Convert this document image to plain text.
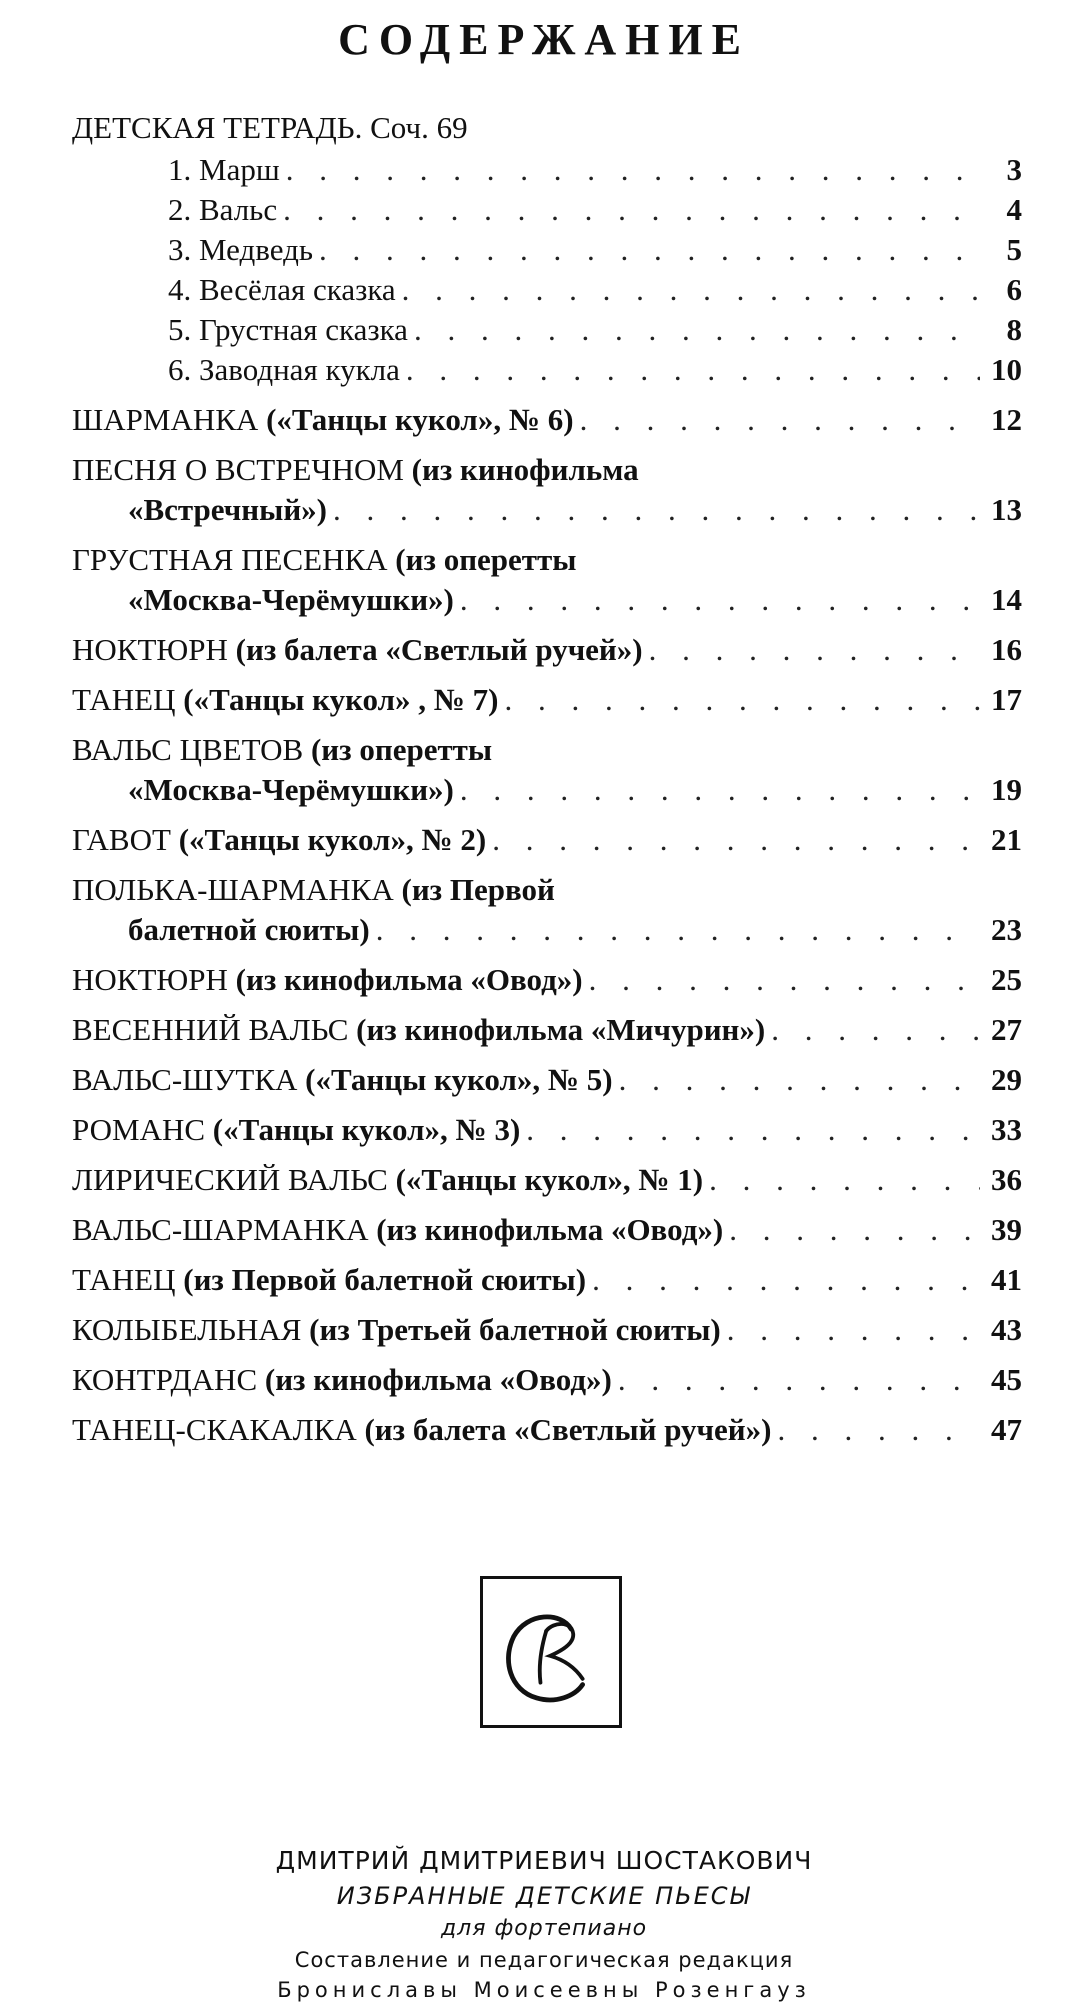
СОДЕРЖАНИЕ
ДЕТСКАЯ ТЕТРАДЬ. Соч. 69
1. Марш . . .	3
2. Вальс . . .	4
3. Медведь . . .	5
4. Весёлая сказка . . .	6
5. Грустная сказка . . .	8
6. Заводная кукла . . .	10
ШАРМАНКА («Танцы кукол», № 6) . . .	12
ПЕСНЯ О ВСТРЕЧНОМ (из кинофильма
«Встречный») . . .	13
ГРУСТНАЯ ПЕСЕНКА (из оперетты
«Москва-Черёмушки») . . .	14
НОКТЮРН (из балета «Светлый ручей») . . .	16
ТАНЕЦ («Танцы кукол» , № 7) . . .	17
ВАЛЬС ЦВЕТОВ (из оперетты
«Москва-Черёмушки») . . .	19
ГАВОТ («Танцы кукол», № 2) . . .	21
ПОЛЬКА-ШАРМАНКА (из Первой
балетной сюиты) . . .	23
НОКТЮРН (из кинофильма «Овод») . . .	25
ВЕСЕННИЙ ВАЛЬС (из кинофильма «Мичурин») . . .	27
ВАЛЬС-ШУТКА («Танцы кукол», № 5) . . .	29
РОМАНС («Танцы кукол», № 3) . . .	33
ЛИРИЧЕСКИЙ ВАЛЬС («Танцы кукол», № 1) . . .	36
ВАЛЬС-ШАРМАНКА (из кинофильма «Овод») . . .	39
ТАНЕЦ (из Первой балетной сюиты) . . .	41
КОЛЫБЕЛЬНАЯ (из Третьей балетной сюиты) . . .	43
КОНТРДАНС (из кинофильма «Овод») . . .	45
ТАНЕЦ-СКАКАЛКА (из балета «Светлый ручей») . . .	47
ДМИТРИЙ ДМИТРИЕВИЧ ШОСТАКОВИЧ
ИЗБРАННЫЕ ДЕТСКИЕ ПЬЕСЫ
для фортепиано
Составление и педагогическая редакция
Брониславы Моисеевны Розенгауз
